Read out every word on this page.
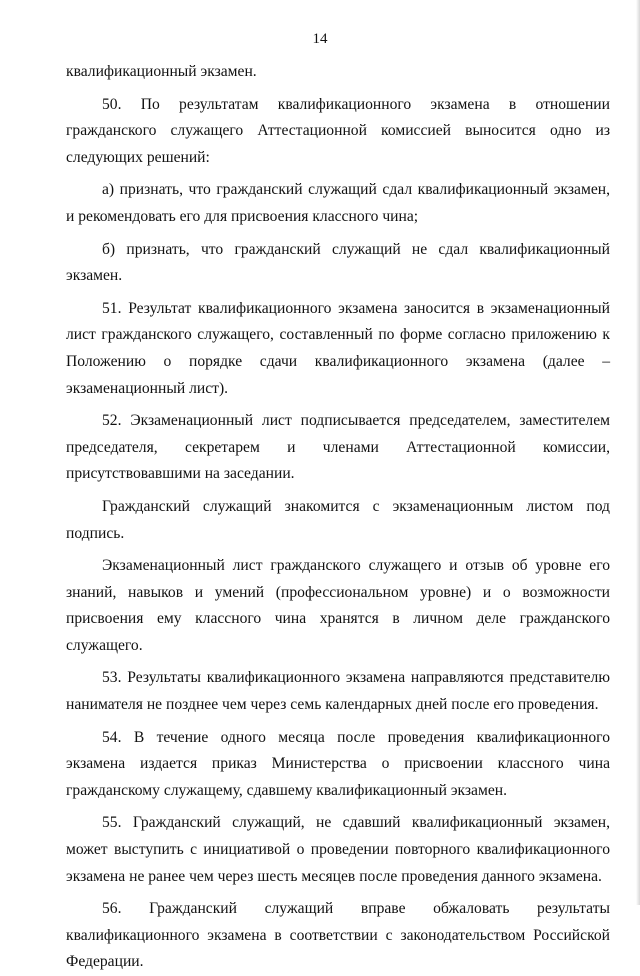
14

квалификационный экзамен.

50. По результатам квалификационного экзамена в отношении гражданского служащего Аттестационной комиссией выносится одно из следующих решений:

а) признать, что гражданский служащий сдал квалификационный экзамен, и рекомендовать его для присвоения классного чина;

б) признать, что гражданский служащий не сдал квалификационный экзамен.

51. Результат квалификационного экзамена заносится в экзаменационный лист гражданского служащего, составленный по форме согласно приложению к Положению о порядке сдачи квалификационного экзамена (далее – экзаменационный лист).

52. Экзаменационный лист подписывается председателем, заместителем председателя, секретарем и членами Аттестационной комиссии, присутствовавшими на заседании.

Гражданский служащий знакомится с экзаменационным листом под подпись.

Экзаменационный лист гражданского служащего и отзыв об уровне его знаний, навыков и умений (профессиональном уровне) и о возможности присвоения ему классного чина хранятся в личном деле гражданского служащего.

53. Результаты квалификационного экзамена направляются представителю нанимателя не позднее чем через семь календарных дней после его проведения.

54. В течение одного месяца после проведения квалификационного экзамена издается приказ Министерства о присвоении классного чина гражданскому служащему, сдавшему квалификационный экзамен.

55. Гражданский служащий, не сдавший квалификационный экзамен, может выступить с инициативой о проведении повторного квалификационного экзамена не ранее чем через шесть месяцев после проведения данного экзамена.

56. Гражданский служащий вправе обжаловать результаты квалификационного экзамена в соответствии с законодательством Российской Федерации.
